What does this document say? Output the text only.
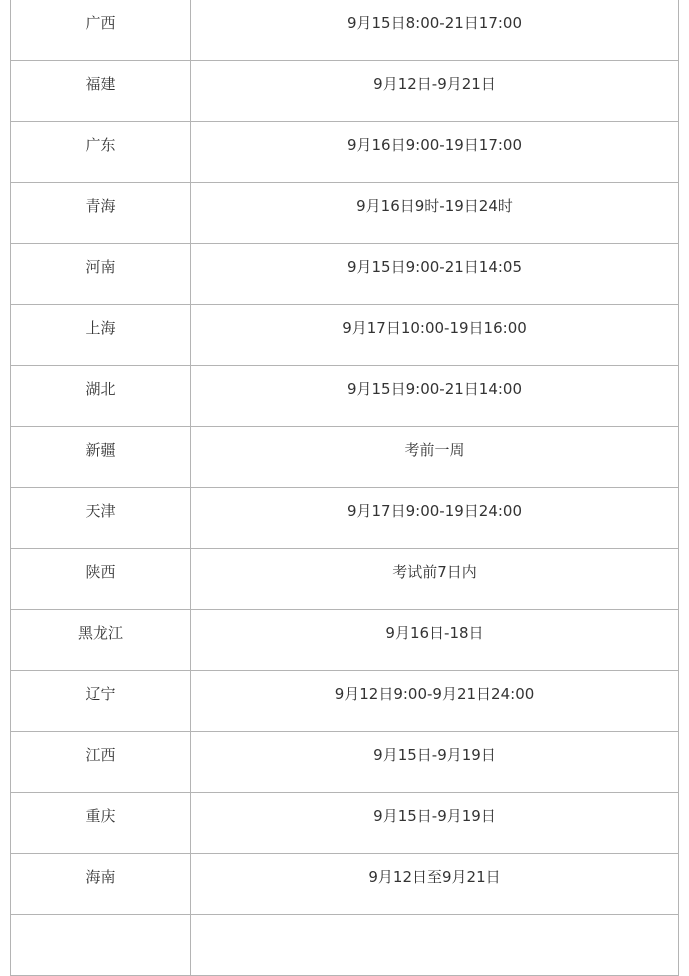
广西	9月15日8:00-21日17:00
福建	9月12日-9月21日
广东	9月16日9:00-19日17:00
青海	9月16日9时-19日24时
河南	9月15日9:00-21日14:05
上海	9月17日10:00-19日16:00
湖北	9月15日9:00-21日14:00
新疆	考前一周
天津	9月17日9:00-19日24:00
陕西	考试前7日内
黑龙江	9月16日-18日
辽宁	9月12日9:00-9月21日24:00
江西	9月15日-9月19日
重庆	9月15日-9月19日
海南	9月12日至9月21日
